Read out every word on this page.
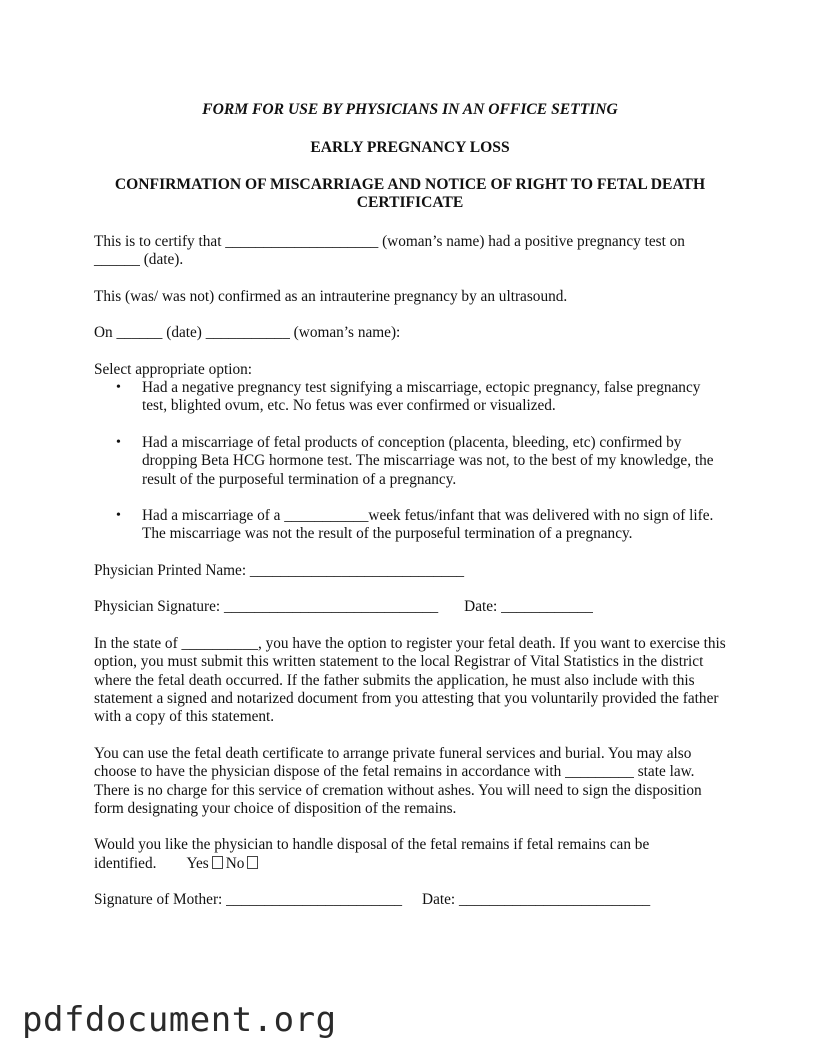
FORM FOR USE BY PHYSICIANS IN AN OFFICE SETTING

EARLY PREGNANCY LOSS

CONFIRMATION OF MISCARRIAGE AND NOTICE OF RIGHT TO FETAL DEATH CERTIFICATE

This is to certify that ____________________ (woman’s name) had a positive pregnancy test on ______ (date).

This (was/ was not) confirmed as an intrauterine pregnancy by an ultrasound.

On ______ (date) ___________ (woman’s name):

Select appropriate option:

• Had a negative pregnancy test signifying a miscarriage, ectopic pregnancy, false pregnancy test, blighted ovum, etc. No fetus was ever confirmed or visualized.
• Had a miscarriage of fetal products of conception (placenta, bleeding, etc) confirmed by dropping Beta HCG hormone test. The miscarriage was not, to the best of my knowledge, the result of the purposeful termination of a pregnancy.
• Had a miscarriage of a ___________week fetus/infant that was delivered with no sign of life. The miscarriage was not the result of the purposeful termination of a pregnancy.

Physician Printed Name: ____________________________

Physician Signature: ____________________________ Date: ____________

In the state of __________, you have the option to register your fetal death. If you want to exercise this option, you must submit this written statement to the local Registrar of Vital Statistics in the district where the fetal death occurred. If the father submits the application, he must also include with this statement a signed and notarized document from you attesting that you voluntarily provided the father with a copy of this statement.

You can use the fetal death certificate to arrange private funeral services and burial. You may also choose to have the physician dispose of the fetal remains in accordance with _________ state law. There is no charge for this service of cremation without ashes. You will need to sign the disposition form designating your choice of disposition of the remains.

Would you like the physician to handle disposal of the fetal remains if fetal remains can be
identified. Yes No

Signature of Mother: _______________________ Date: _________________________

pdfdocument.org
